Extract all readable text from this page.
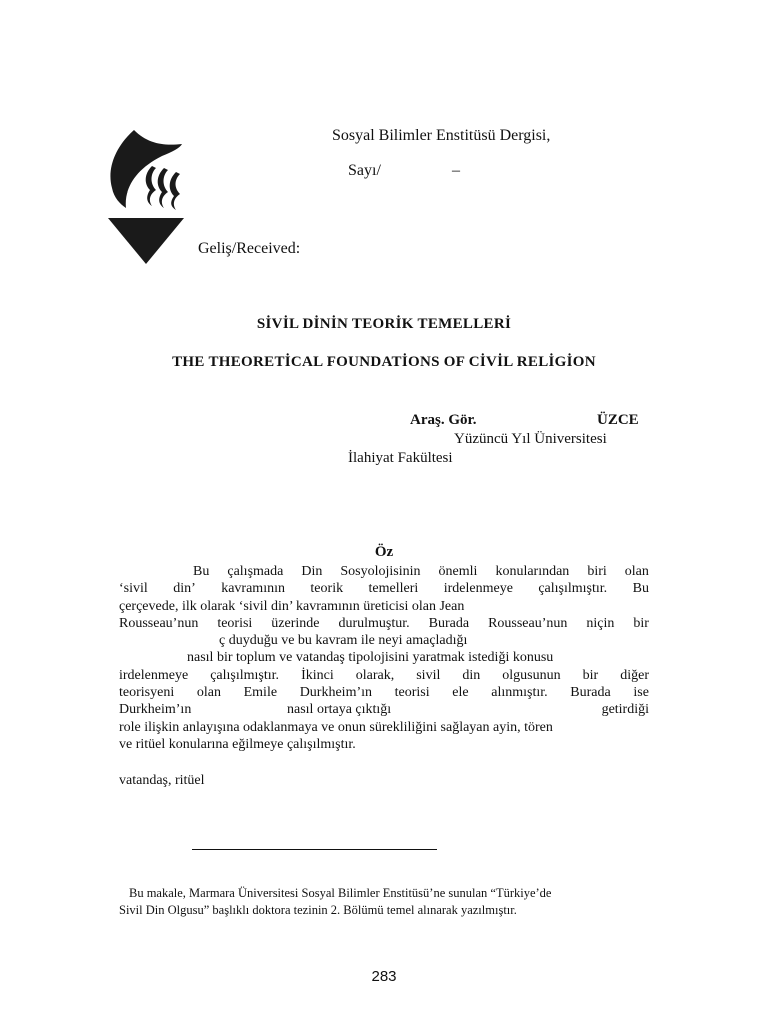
Sosyal Bilimler Enstitüsü Dergisi,
Sayı/	–
Geliş/Received:
SİVİL DİNİN TEORİK TEMELLERİ
THE THEORETİCAL FOUNDATİONS OF CİVİL RELİGİON
Araş. Gör.	ÜZCE
Yüzüncü Yıl Üniversitesi
İlahiyat Fakültesi
Öz
Bu çalışmada Din Sosyolojisinin önemli konularından biri olan
‘sivil din’ kavramının teorik temelleri irdelenmeye çalışılmıştır. Bu
çerçevede, ilk olarak ‘sivil din’ kavramının üreticisi olan Jean
Rousseau’nun teorisi üzerinde durulmuştur. Burada Rousseau’nun niçin bir
ç duyduğu ve bu kavram ile neyi amaçladığı
nasıl bir toplum ve vatandaş tipolojisini yaratmak istediği konusu
irdelenmeye çalışılmıştır. İkinci olarak, sivil din olgusunun bir diğer
teorisyeni olan Emile Durkheim’ın teorisi ele alınmıştır. Burada ise
Durkheim’ın	nasıl ortaya çıktığı	getirdiği
role ilişkin anlayışına odaklanmaya ve onun sürekliliğini sağlayan ayin, tören
ve ritüel konularına eğilmeye çalışılmıştır.
vatandaş, ritüel
Bu makale, Marmara Üniversitesi Sosyal Bilimler Enstitüsü’ne sunulan “Türkiye’de
Sivil Din Olgusu” başlıklı doktora tezinin 2. Bölümü temel alınarak yazılmıştır.
283
